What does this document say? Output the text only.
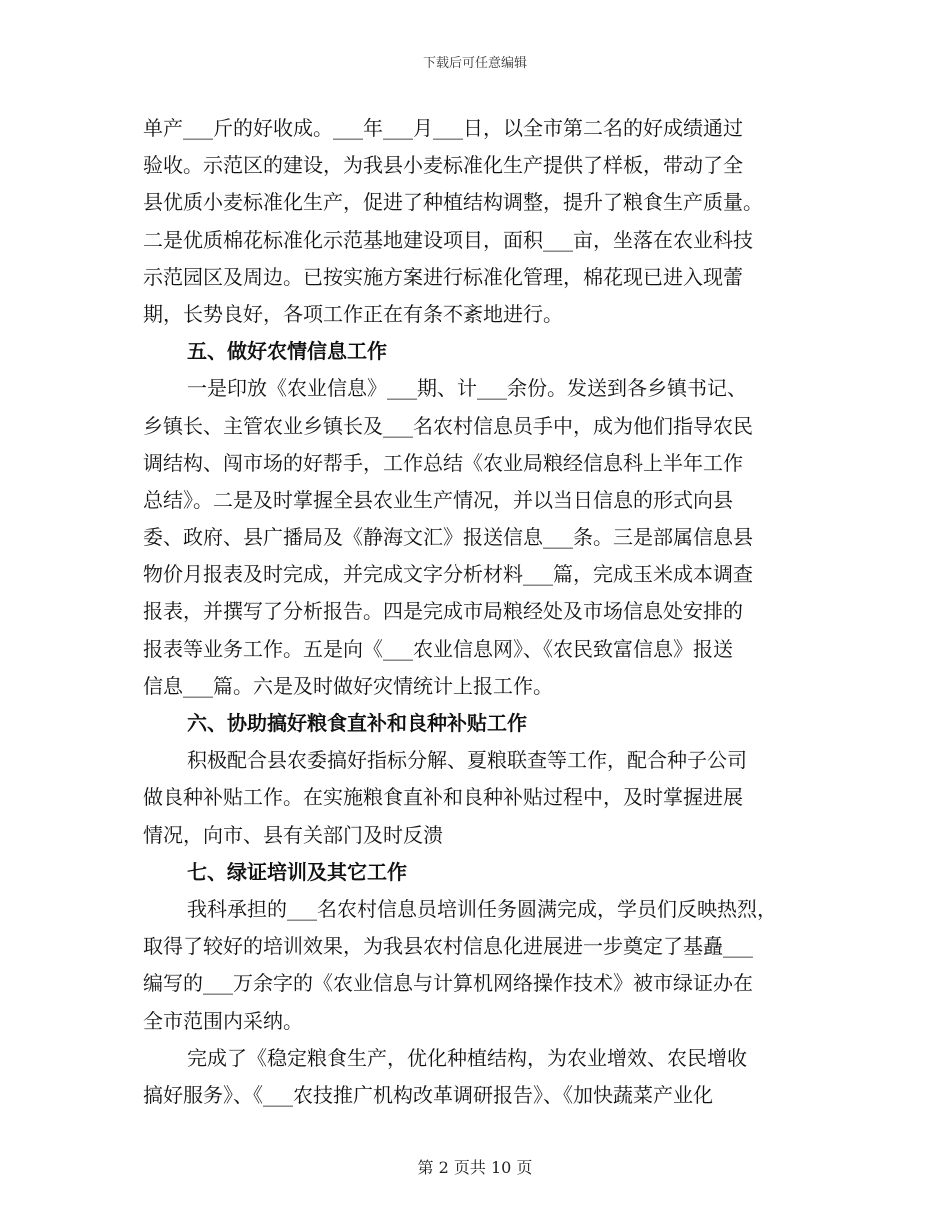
下载后可任意编辑
单产___斤的好收成。___年___月___日，以全市第二名的好成绩通过
验收。示范区的建设，为我县小麦标准化生产提供了样板，带动了全
县优质小麦标准化生产，促进了种植结构调整，提升了粮食生产质量。
二是优质棉花标准化示范基地建设项目，面积___亩，坐落在农业科技
示范园区及周边。已按实施方案进行标准化管理，棉花现已进入现蕾
期，长势良好，各项工作正在有条不紊地进行。
五、做好农情信息工作
一是印放《农业信息》___期、计___余份。发送到各乡镇书记、
乡镇长、主管农业乡镇长及___名农村信息员手中，成为他们指导农民
调结构、闯市场的好帮手，工作总结《农业局粮经信息科上半年工作
总结》。二是及时掌握全县农业生产情况，并以当日信息的形式向县
委、政府、县广播局及《静海文汇》报送信息___条。三是部属信息县
物价月报表及时完成，并完成文字分析材料___篇，完成玉米成本调查
报表，并撰写了分析报告。四是完成市局粮经处及市场信息处安排的
报表等业务工作。五是向《___农业信息网》、《农民致富信息》报送
信息___篇。六是及时做好灾情统计上报工作。
六、协助搞好粮食直补和良种补贴工作
积极配合县农委搞好指标分解、夏粮联查等工作，配合种子公司
做良种补贴工作。在实施粮食直补和良种补贴过程中，及时掌握进展
情况，向市、县有关部门及时反溃
七、绿证培训及其它工作
我科承担的___名农村信息员培训任务圆满完成，学员们反映热烈，
取得了较好的培训效果，为我县农村信息化进展进一步奠定了基矗___
编写的___万余字的《农业信息与计算机网络操作技术》被市绿证办在
全市范围内采纳。
完成了《稳定粮食生产，优化种植结构，为农业增效、农民增收
搞好服务》、《___农技推广机构改革调研报告》、《加快蔬菜产业化
第 2 页共 10 页
